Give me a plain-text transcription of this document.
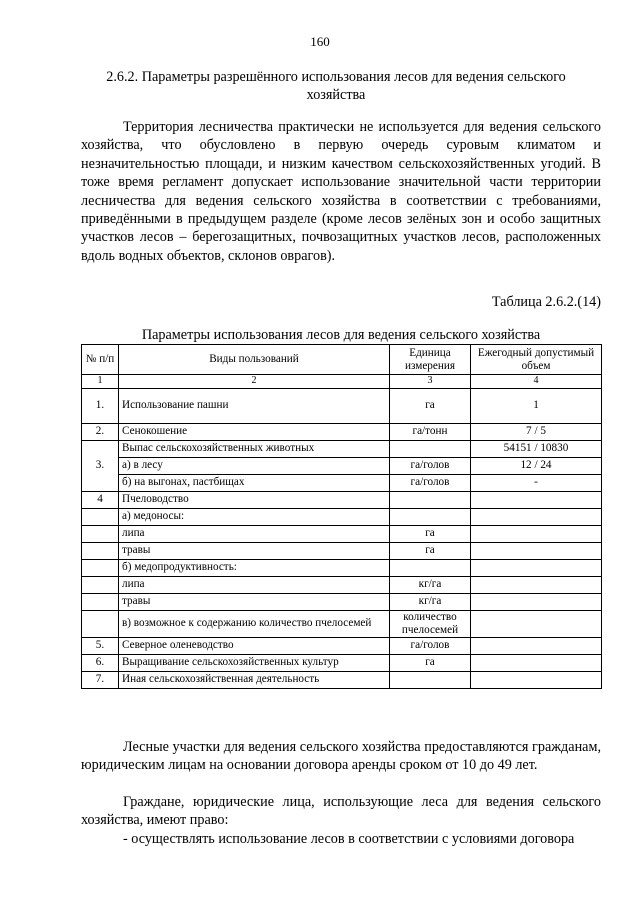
160
2.6.2. Параметры разрешённого использования лесов для ведения сельского хозяйства

Территория лесничества практически не используется для ведения сельского хозяйства, что обусловлено в первую очередь суровым климатом и незначительностью площади, и низким качеством сельскохозяйственных угодий. В тоже время регламент допускает использование значительной части территории лесничества для ведения сельского хозяйства в соответствии с требованиями, приведёнными в предыдущем разделе (кроме лесов зелёных зон и особо защитных участков лесов – берегозащитных, почвозащитных участков лесов, расположенных вдоль водных объектов, склонов оврагов).

Таблица 2.6.2.(14)
Параметры использования лесов для ведения сельского хозяйства
№ п/п	Виды пользований	Единица измерения	Ежегодный допустимый объем
1	2	3	4
1.	Использование пашни	га	1
2.	Сенокошение	га/тонн	7 / 5
3.	Выпас сельскохозяйственных животных		54151 / 10830
	а) в лесу	га/голов	12 / 24
	б) на выгонах, пастбищах	га/голов	-
4	Пчеловодство		
	а) медоносы:		
	липа	га	
	травы	га	
	б) медопродуктивность:		
	липа	кг/га	
	травы	кг/га	
	в) возможное к содержанию количество пчелосемей	количество пчелосемей	
5.	Северное оленеводство	га/голов	
6.	Выращивание сельскохозяйственных культур	га	
7.	Иная сельскохозяйственная деятельность		

Лесные участки для ведения сельского хозяйства предоставляются гражданам, юридическим лицам на основании договора аренды сроком от 10 до 49 лет.

Граждане, юридические лица, использующие леса для ведения сельского хозяйства, имеют право:

- осуществлять использование лесов в соответствии с условиями договора
